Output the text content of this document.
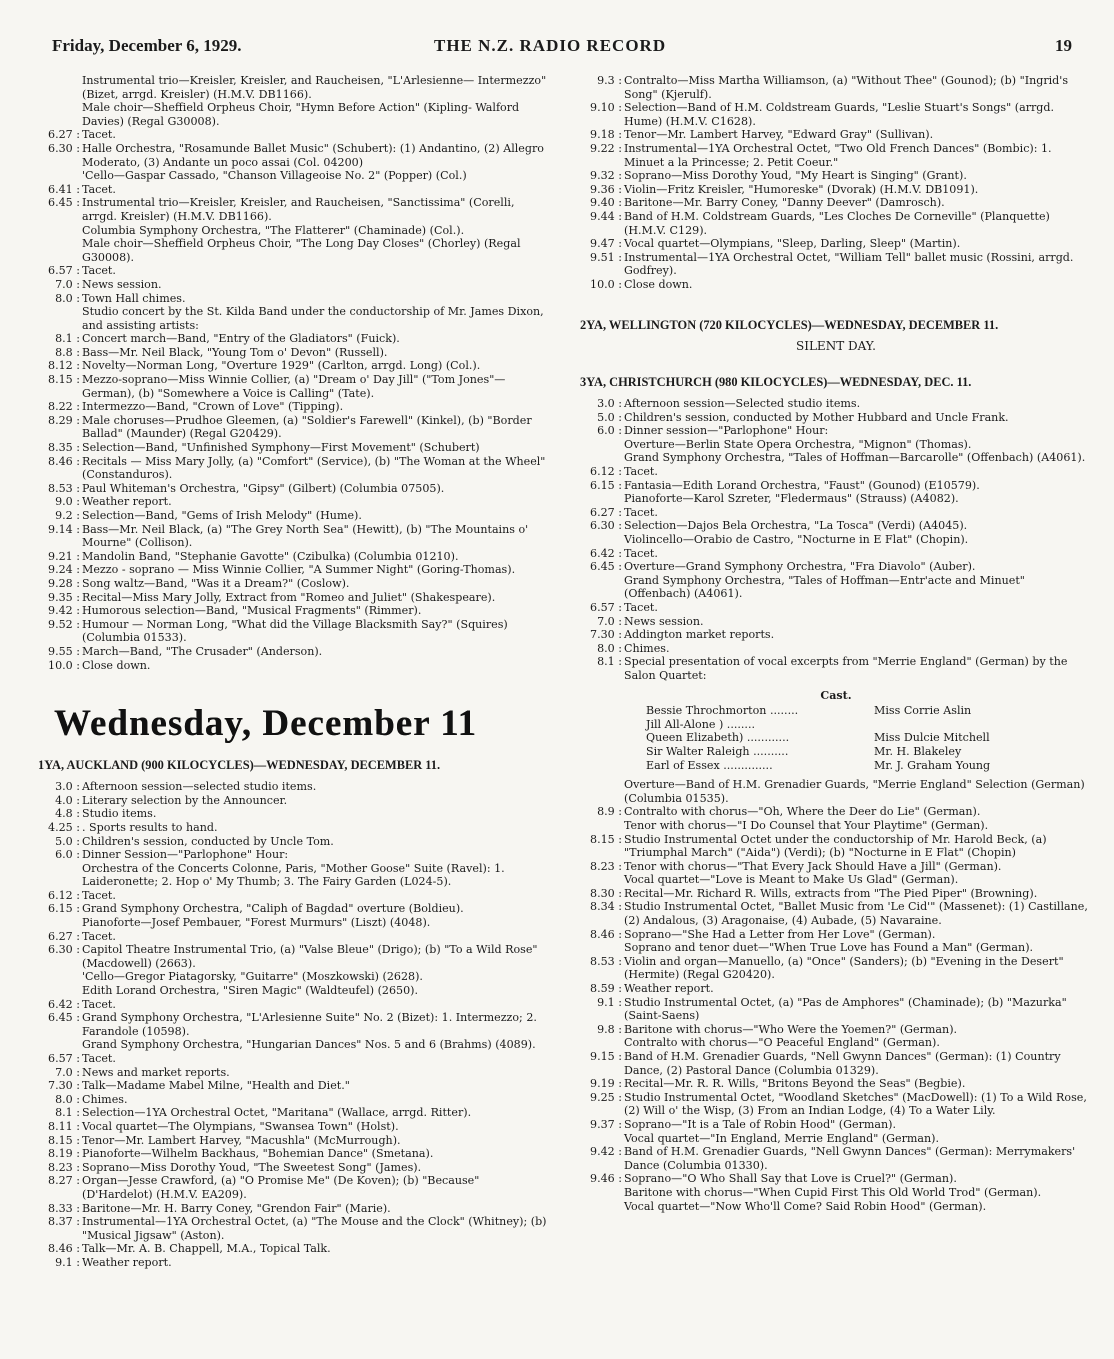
Friday, December 6, 1929.	THE N.Z. RADIO RECORD	19
Instrumental trio—Kreisler, Kreisler, and Raucheisen, "L'Arlesienne— Intermezzo" (Bizet, arrgd. Kreisler) (H.M.V. DB1166).
Male choir—Sheffield Orpheus Choir, "Hymn Before Action" (Kipling- Walford Davies) (Regal G30008).
6.27 : Tacet.
6.30 : Halle Orchestra, "Rosamunde Ballet Music" (Schubert): (1) Andantino, (2) Allegro Moderato, (3) Andante un poco assai (Col. 04200)
'Cello—Gaspar Cassado, "Chanson Villageoise No. 2" (Popper) (Col.)
6.41 : Tacet.
6.45 : Instrumental trio—Kreisler, Kreisler, and Raucheisen, "Sanctissima" (Corelli, arrgd. Kreisler) (H.M.V. DB1166).
Columbia Symphony Orchestra, "The Flatterer" (Chaminade) (Col.).
Male choir—Sheffield Orpheus Choir, "The Long Day Closes" (Chorley) (Regal G30008).
6.57 : Tacet.
7.0 : News session.
8.0 : Town Hall chimes.
Studio concert by the St. Kilda Band under the conductorship of Mr. James Dixon, and assisting artists:
8.1 : Concert march—Band, "Entry of the Gladiators" (Fuick).
8.8 : Bass—Mr. Neil Black, "Young Tom o' Devon" (Russell).
8.12 : Novelty—Norman Long, "Overture 1929" (Carlton, arrgd. Long) (Col.).
8.15 : Mezzo-soprano—Miss Winnie Collier, (a) "Dream o' Day Jill" ("Tom Jones"—German), (b) "Somewhere a Voice is Calling" (Tate).
8.22 : Intermezzo—Band, "Crown of Love" (Tipping).
8.29 : Male choruses—Prudhoe Gleemen, (a) "Soldier's Farewell" (Kinkel), (b) "Border Ballad" (Maunder) (Regal G20429).
8.35 : Selection—Band, "Unfinished Symphony—First Movement" (Schubert)
8.46 : Recitals — Miss Mary Jolly, (a) "Comfort" (Service), (b) "The Woman at the Wheel" (Constanduros).
8.53 : Paul Whiteman's Orchestra, "Gipsy" (Gilbert) (Columbia 07505).
9.0 : Weather report.
9.2 : Selection—Band, "Gems of Irish Melody" (Hume).
9.14 : Bass—Mr. Neil Black, (a) "The Grey North Sea" (Hewitt), (b) "The Mountains o' Mourne" (Collison).
9.21 : Mandolin Band, "Stephanie Gavotte" (Czibulka) (Columbia 01210).
9.24 : Mezzo - soprano — Miss Winnie Collier, "A Summer Night" (Goring-Thomas).
9.28 : Song waltz—Band, "Was it a Dream?" (Coslow).
9.35 : Recital—Miss Mary Jolly, Extract from "Romeo and Juliet" (Shakespeare).
9.42 : Humorous selection—Band, "Musical Fragments" (Rimmer).
9.52 : Humour — Norman Long, "What did the Village Blacksmith Say?" (Squires) (Columbia 01533).
9.55 : March—Band, "The Crusader" (Anderson).
10.0 : Close down.
Wednesday, December 11
1YA, AUCKLAND (900 KILOCYCLES)—WEDNESDAY, DECEMBER 11.
3.0 : Afternoon session—selected studio items.
4.0 : Literary selection by the Announcer.
4.8 : Studio items.
4.25 : . Sports results to hand.
5.0 : Children's session, conducted by Uncle Tom.
6.0 : Dinner Session—"Parlophone" Hour:
Orchestra of the Concerts Colonne, Paris, "Mother Goose" Suite (Ravel): 1. Laideronette; 2. Hop o' My Thumb; 3. The Fairy Garden (L024-5).
6.12 : Tacet.
6.15 : Grand Symphony Orchestra, "Caliph of Bagdad" overture (Boldieu).
Pianoforte—Josef Pembauer, "Forest Murmurs" (Liszt) (4048).
6.27 : Tacet.
6.30 : Capitol Theatre Instrumental Trio, (a) "Valse Bleue" (Drigo); (b) "To a Wild Rose" (Macdowell) (2663).
'Cello—Gregor Piatagorsky, "Guitarre" (Moszkowski) (2628).
Edith Lorand Orchestra, "Siren Magic" (Waldteufel) (2650).
6.42 : Tacet.
6.45 : Grand Symphony Orchestra, "L'Arlesienne Suite" No. 2 (Bizet): 1. Intermezzo; 2. Farandole (10598).
Grand Symphony Orchestra, "Hungarian Dances" Nos. 5 and 6 (Brahms) (4089).
6.57 : Tacet.
7.0 : News and market reports.
7.30 : Talk—Madame Mabel Milne, "Health and Diet."
8.0 : Chimes.
8.1 : Selection—1YA Orchestral Octet, "Maritana" (Wallace, arrgd. Ritter).
8.11 : Vocal quartet—The Olympians, "Swansea Town" (Holst).
8.15 : Tenor—Mr. Lambert Harvey, "Macushla" (McMurrough).
8.19 : Pianoforte—Wilhelm Backhaus, "Bohemian Dance" (Smetana).
8.23 : Soprano—Miss Dorothy Youd, "The Sweetest Song" (James).
8.27 : Organ—Jesse Crawford, (a) "O Promise Me" (De Koven); (b) "Because" (D'Hardelot) (H.M.V. EA209).
8.33 : Baritone—Mr. H. Barry Coney, "Grendon Fair" (Marie).
8.37 : Instrumental—1YA Orchestral Octet, (a) "The Mouse and the Clock" (Whitney); (b) "Musical Jigsaw" (Aston).
8.46 : Talk—Mr. A. B. Chappell, M.A., Topical Talk.
9.1 : Weather report.
9.3 : Contralto—Miss Martha Williamson, (a) "Without Thee" (Gounod); (b) "Ingrid's Song" (Kjerulf).
9.10 : Selection—Band of H.M. Coldstream Guards, "Leslie Stuart's Songs" (arrgd. Hume) (H.M.V. C1628).
9.18 : Tenor—Mr. Lambert Harvey, "Edward Gray" (Sullivan).
9.22 : Instrumental—1YA Orchestral Octet, "Two Old French Dances" (Bombic): 1. Minuet a la Princesse; 2. Petit Coeur."
9.32 : Soprano—Miss Dorothy Youd, "My Heart is Singing" (Grant).
9.36 : Violin—Fritz Kreisler, "Humoreske" (Dvorak) (H.M.V. DB1091).
9.40 : Baritone—Mr. Barry Coney, "Danny Deever" (Damrosch).
9.44 : Band of H.M. Coldstream Guards, "Les Cloches De Corneville" (Planquette) (H.M.V. C129).
9.47 : Vocal quartet—Olympians, "Sleep, Darling, Sleep" (Martin).
9.51 : Instrumental—1YA Orchestral Octet, "William Tell" ballet music (Rossini, arrgd. Godfrey).
10.0 : Close down.
2YA, WELLINGTON (720 KILOCYCLES)—WEDNESDAY, DECEMBER 11.
SILENT DAY.
3YA, CHRISTCHURCH (980 KILOCYCLES)—WEDNESDAY, DEC. 11.
3.0 : Afternoon session—Selected studio items.
5.0 : Children's session, conducted by Mother Hubbard and Uncle Frank.
6.0 : Dinner session—"Parlophone" Hour:
Overture—Berlin State Opera Orchestra, "Mignon" (Thomas).
Grand Symphony Orchestra, "Tales of Hoffman—Barcarolle" (Offenbach) (A4061).
6.12 : Tacet.
6.15 : Fantasia—Edith Lorand Orchestra, "Faust" (Gounod) (E10579).
Pianoforte—Karol Szreter, "Fledermaus" (Strauss) (A4082).
6.27 : Tacet.
6.30 : Selection—Dajos Bela Orchestra, "La Tosca" (Verdi) (A4045).
Violincello—Orabio de Castro, "Nocturne in E Flat" (Chopin).
6.42 : Tacet.
6.45 : Overture—Grand Symphony Orchestra, "Fra Diavolo" (Auber).
Grand Symphony Orchestra, "Tales of Hoffman—Entr'acte and Minuet" (Offenbach) (A4061).
6.57 : Tacet.
7.0 : News session.
7.30 : Addington market reports.
8.0 : Chimes.
8.1 : Special presentation of vocal excerpts from "Merrie England" (German) by the Salon Quartet:
Cast.
Bessie Throchmorton ........	Miss Corrie Aslin
Jill All-Alone ) ........
Queen Elizabeth) ............	Miss Dulcie Mitchell
Sir Walter Raleigh ..........	Mr. H. Blakeley
Earl of Essex ..............	Mr. J. Graham Young
Overture—Band of H.M. Grenadier Guards, "Merrie England" Selection (German) (Columbia 01535).
8.9 : Contralto with chorus—"Oh, Where the Deer do Lie" (German).
Tenor with chorus—"I Do Counsel that Your Playtime" (German).
8.15 : Studio Instrumental Octet under the conductorship of Mr. Harold Beck, (a) "Triumphal March" ("Aida") (Verdi); (b) "Nocturne in E Flat" (Chopin)
8.23 : Tenor with chorus—"That Every Jack Should Have a Jill" (German).
Vocal quartet—"Love is Meant to Make Us Glad" (German).
8.30 : Recital—Mr. Richard R. Wills, extracts from "The Pied Piper" (Browning).
8.34 : Studio Instrumental Octet, "Ballet Music from 'Le Cid'" (Massenet): (1) Castillane, (2) Andalous, (3) Aragonaise, (4) Aubade, (5) Navaraine.
8.46 : Soprano—"She Had a Letter from Her Love" (German).
Soprano and tenor duet—"When True Love has Found a Man" (German).
8.53 : Violin and organ—Manuello, (a) "Once" (Sanders); (b) "Evening in the Desert" (Hermite) (Regal G20420).
8.59 : Weather report.
9.1 : Studio Instrumental Octet, (a) "Pas de Amphores" (Chaminade); (b) "Mazurka" (Saint-Saens)
9.8 : Baritone with chorus—"Who Were the Yoemen?" (German).
Contralto with chorus—"O Peaceful England" (German).
9.15 : Band of H.M. Grenadier Guards, "Nell Gwynn Dances" (German): (1) Country Dance, (2) Pastoral Dance (Columbia 01329).
9.19 : Recital—Mr. R. R. Wills, "Britons Beyond the Seas" (Begbie).
9.25 : Studio Instrumental Octet, "Woodland Sketches" (MacDowell): (1) To a Wild Rose, (2) Will o' the Wisp, (3) From an Indian Lodge, (4) To a Water Lily.
9.37 : Soprano—"It is a Tale of Robin Hood" (German).
Vocal quartet—"In England, Merrie England" (German).
9.42 : Band of H.M. Grenadier Guards, "Nell Gwynn Dances" (German): Merrymakers' Dance (Columbia 01330).
9.46 : Soprano—"O Who Shall Say that Love is Cruel?" (German).
Baritone with chorus—"When Cupid First This Old World Trod" (German).
Vocal quartet—"Now Who'll Come? Said Robin Hood" (German).
